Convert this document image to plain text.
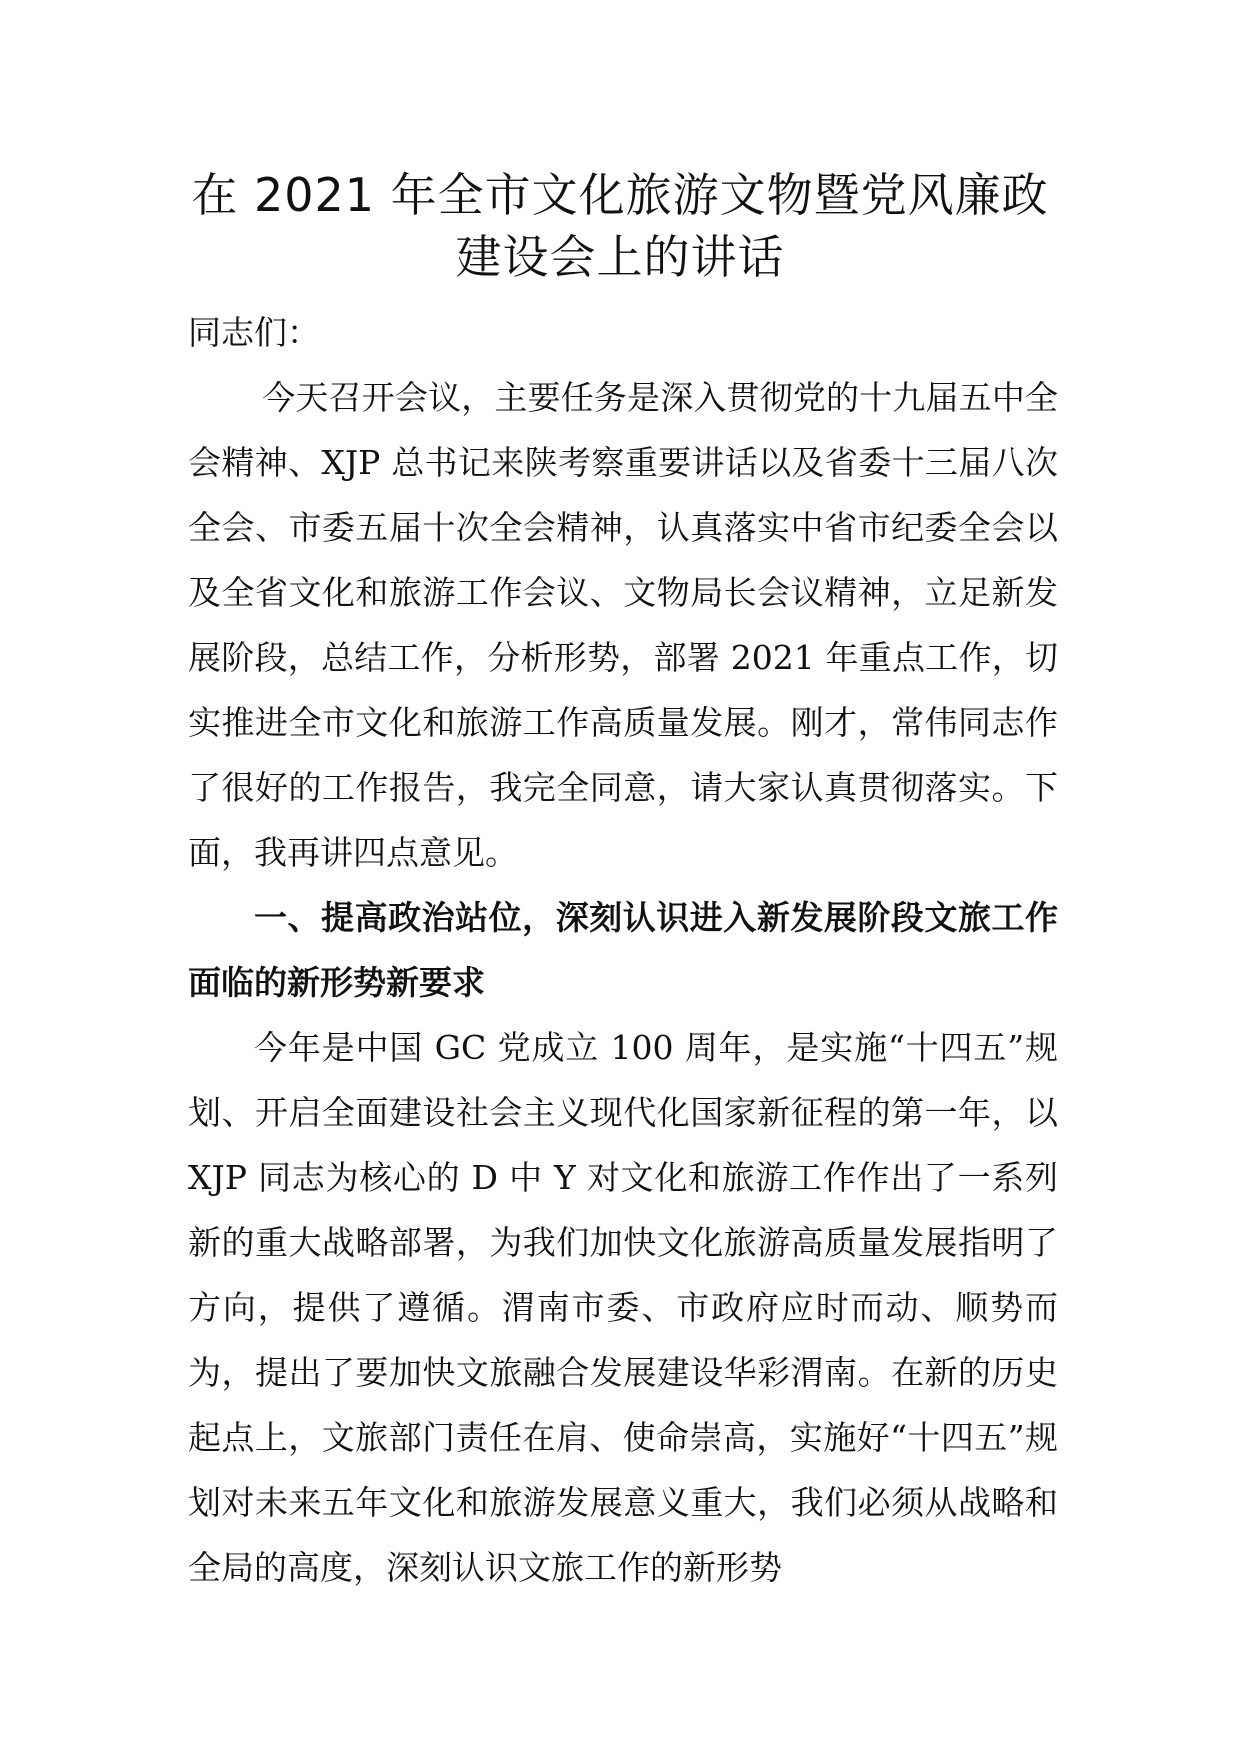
在 2021 年全市文化旅游文物暨党风廉政
建设会上的讲话

同志们：

今天召开会议，主要任务是深入贯彻党的十九届五中全会精神、XJP 总书记来陕考察重要讲话以及省委十三届八次全会、市委五届十次全会精神，认真落实中省市纪委全会以及全省文化和旅游工作会议、文物局长会议精神，立足新发展阶段，总结工作，分析形势，部署 2021 年重点工作，切实推进全市文化和旅游工作高质量发展。刚才，常伟同志作了很好的工作报告，我完全同意，请大家认真贯彻落实。下面，我再讲四点意见。

一、提高政治站位，深刻认识进入新发展阶段文旅工作面临的新形势新要求

今年是中国 GC 党成立 100 周年，是实施“十四五”规划、开启全面建设社会主义现代化国家新征程的第一年，以 XJP 同志为核心的 D 中 Y 对文化和旅游工作作出了一系列新的重大战略部署，为我们加快文化旅游高质量发展指明了方向，提供了遵循。渭南市委、市政府应时而动、顺势而为，提出了要加快文旅融合发展建设华彩渭南。在新的历史起点上，文旅部门责任在肩、使命崇高，实施好“十四五”规划对未来五年文化和旅游发展意义重大，我们必须从战略和全局的高度，深刻认识文旅工作的新形势
